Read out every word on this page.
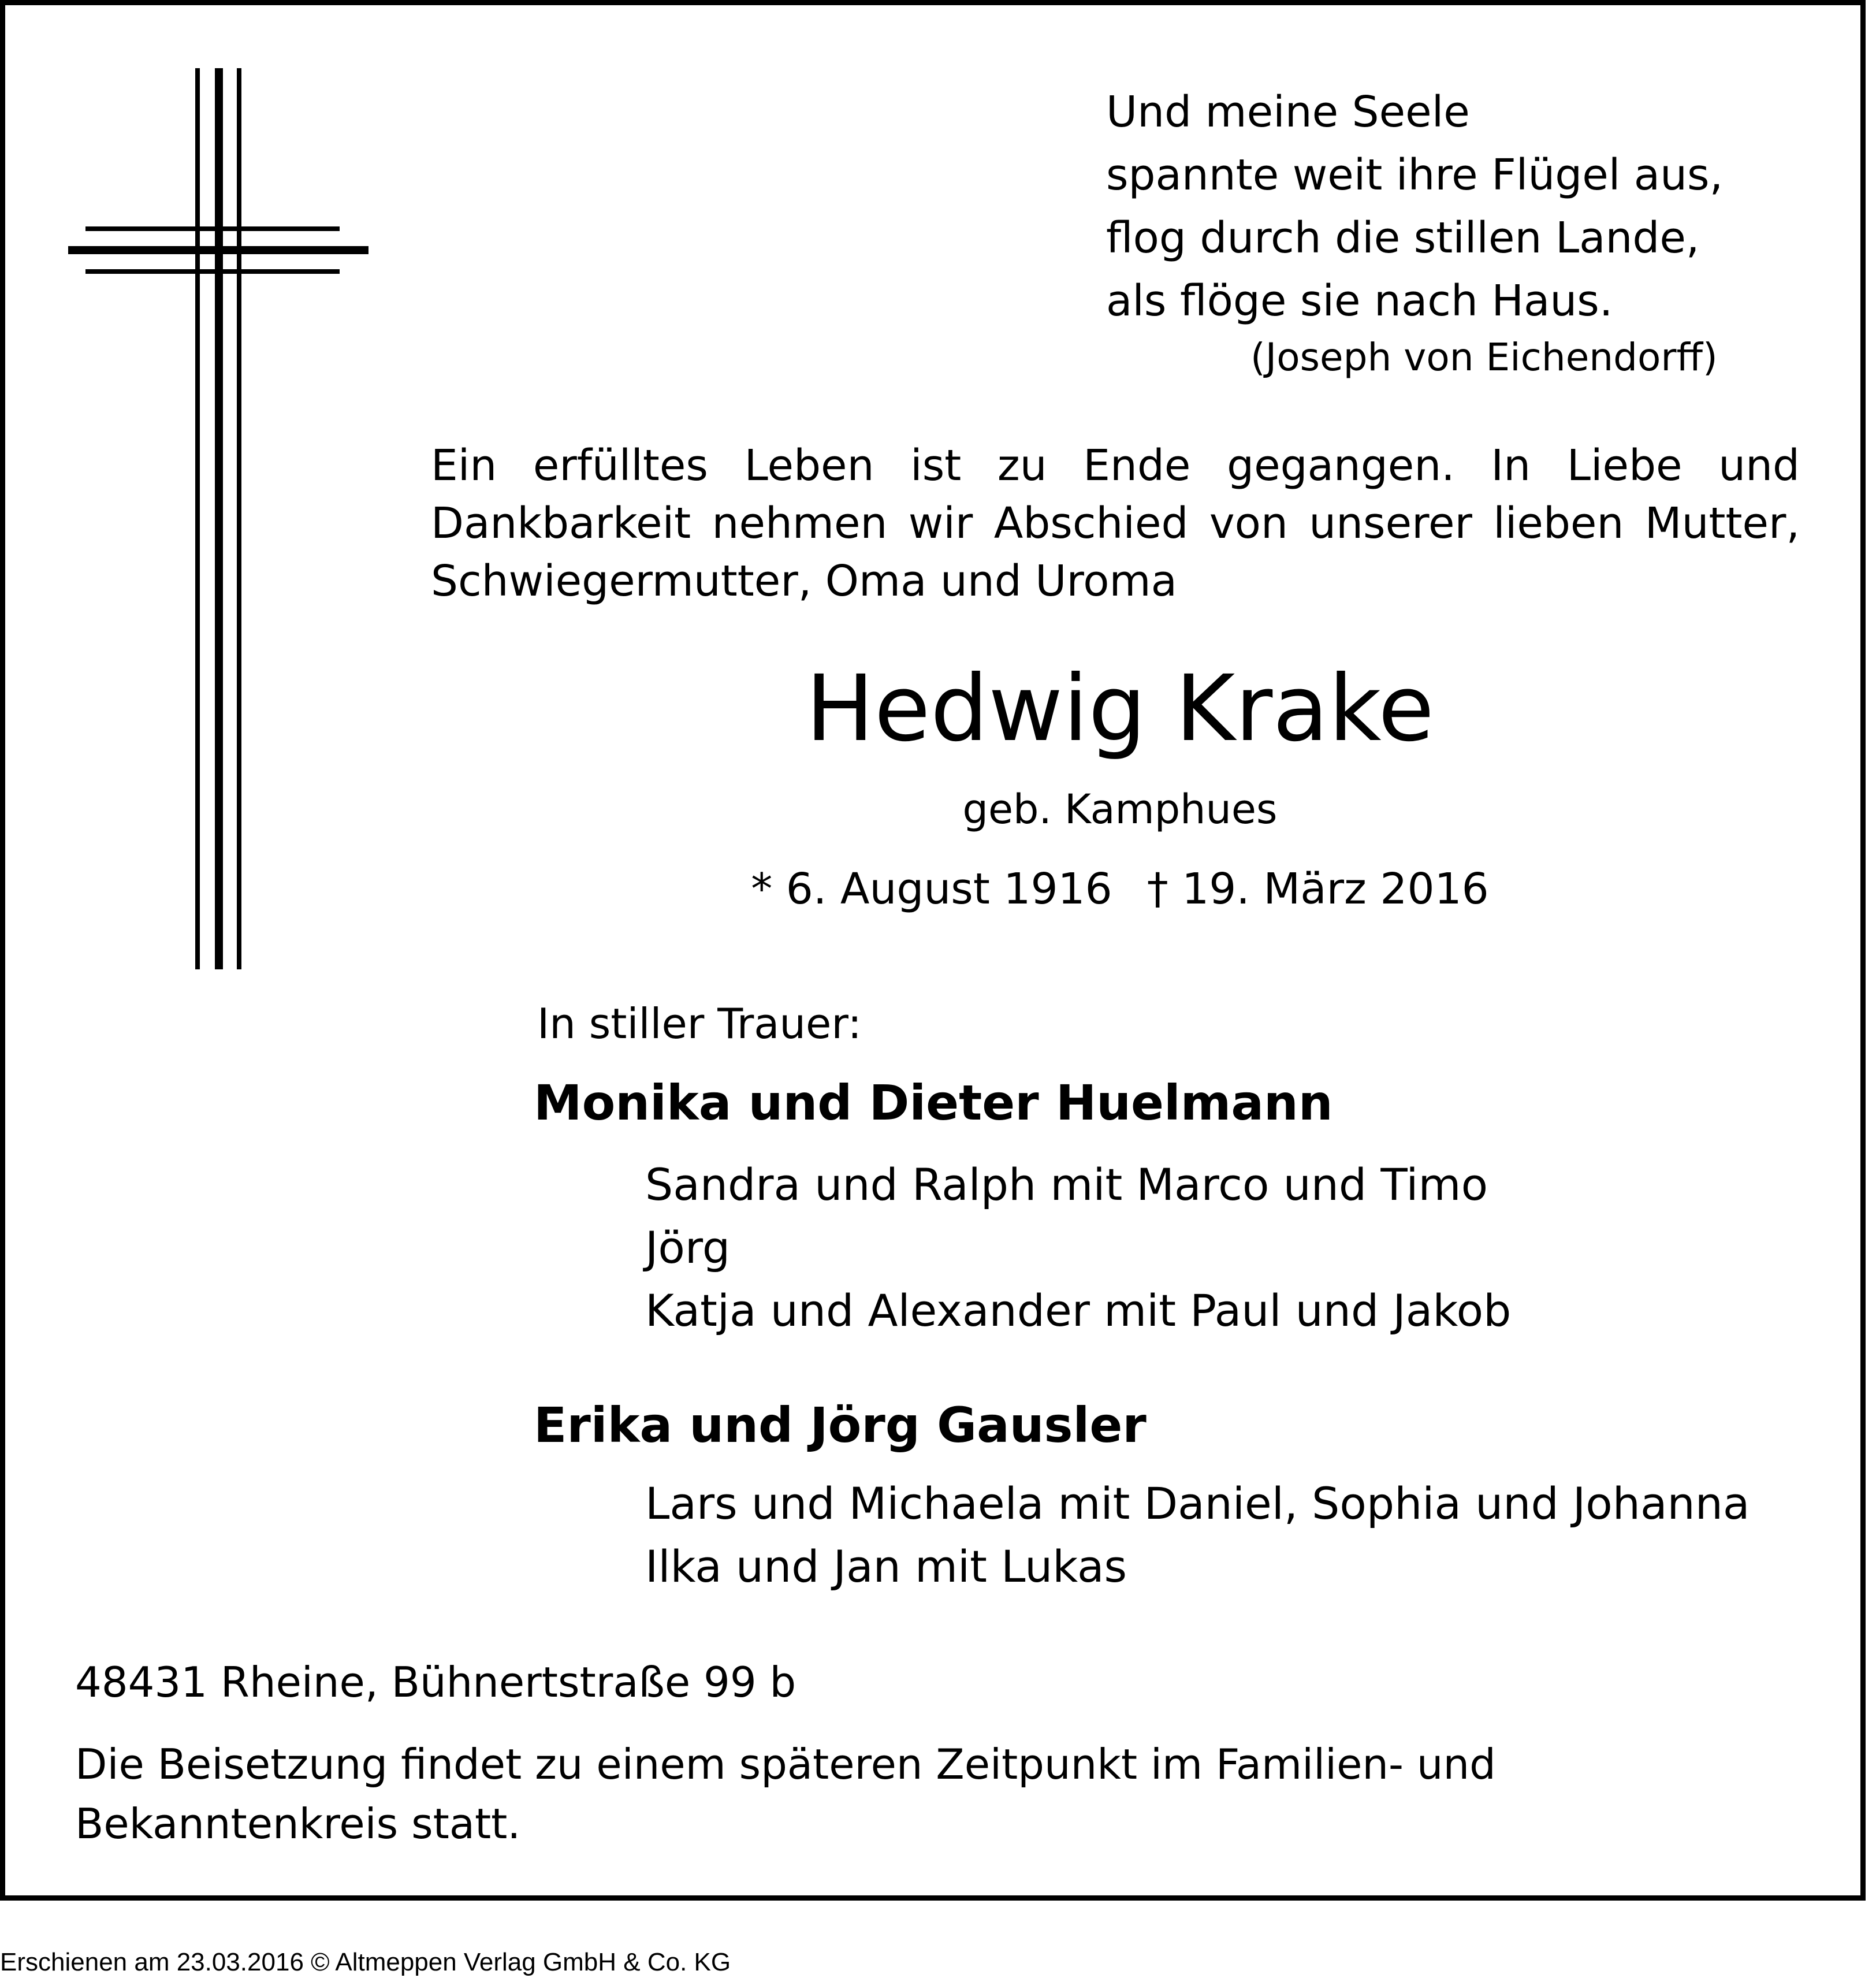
Und meine Seele
spannte weit ihre Flügel aus,
flog durch die stillen Lande,
als flöge sie nach Haus.
(Joseph von Eichendorff)
Ein erfülltes Leben ist zu Ende gegangen. In Liebe und Dankbarkeit nehmen wir Abschied von unserer lieben Mutter, Schwiegermutter, Oma und Uroma
Hedwig Krake
geb. Kamphues
* 6. August 1916 † 19. März 2016
In stiller Trauer:
Monika und Dieter Huelmann
Sandra und Ralph mit Marco und Timo
Jörg
Katja und Alexander mit Paul und Jakob
Erika und Jörg Gausler
Lars und Michaela mit Daniel, Sophia und Johanna
Ilka und Jan mit Lukas
48431 Rheine, Bühnertstraße 99 b
Die Beisetzung findet zu einem späteren Zeitpunkt im Familien- und Bekanntenkreis statt.
Erschienen am 23.03.2016 © Altmeppen Verlag GmbH & Co. KG
